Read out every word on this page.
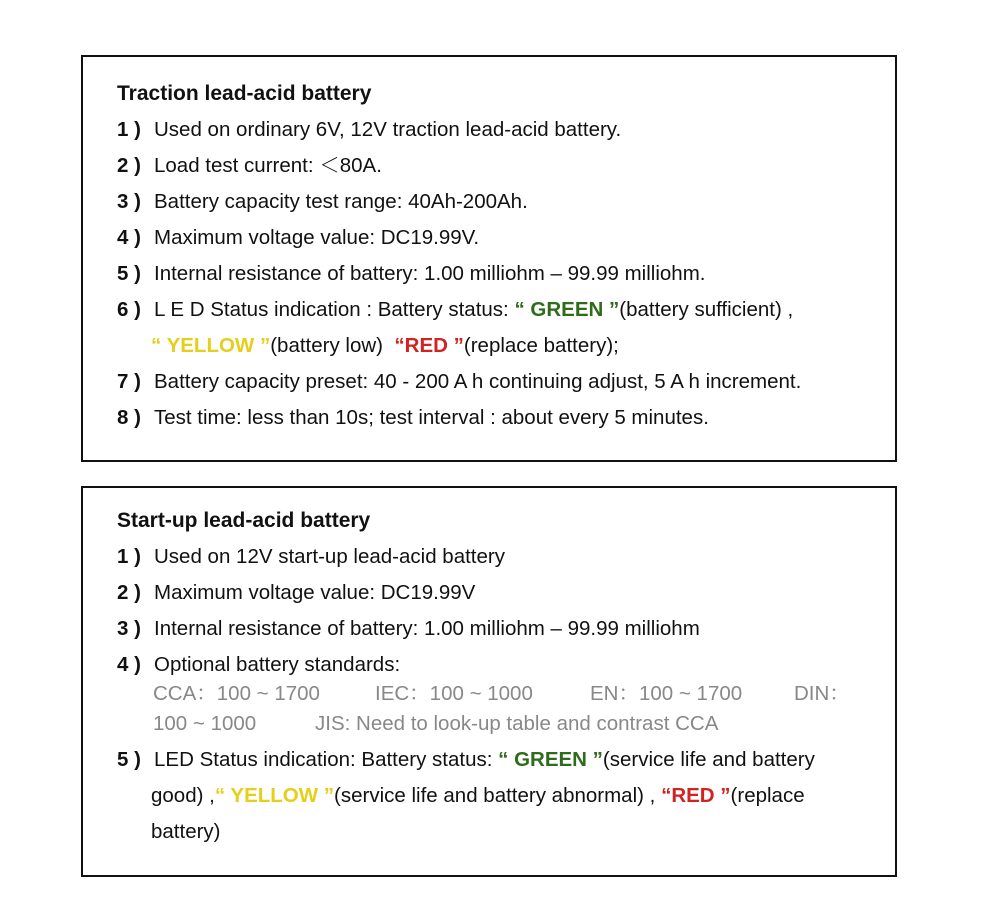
Traction lead-acid battery
1 ) Used on ordinary 6V, 12V traction lead-acid battery.
2 ) Load test current: ＜80A.
3 ) Battery capacity test range: 40Ah-200Ah.
4 ) Maximum voltage value: DC19.99V.
5 ) Internal resistance of battery: 1.00 milliohm – 99.99 milliohm.
6 ) L E D Status indication : Battery status: “ GREEN ”(battery sufficient) ,
“ YELLOW ”(battery low) “RED ”(replace battery);
7 ) Battery capacity preset: 40 - 200 A h continuing adjust, 5 A h increment.
8 ) Test time: less than 10s; test interval : about every 5 minutes.
Start-up lead-acid battery
1 ) Used on 12V start-up lead-acid battery
2 ) Maximum voltage value: DC19.99V
3 ) Internal resistance of battery: 1.00 milliohm – 99.99 milliohm
4 ) Optional battery standards:
CCA：100 ~ 1700	IEC：100 ~ 1000	EN：100 ~ 1700	DIN：
100 ~ 1000	JIS: Need to look-up table and contrast CCA
5 ) LED Status indication: Battery status: “ GREEN ”(service life and battery
good) ,“ YELLOW ”(service life and battery abnormal) , “RED ”(replace
battery)
